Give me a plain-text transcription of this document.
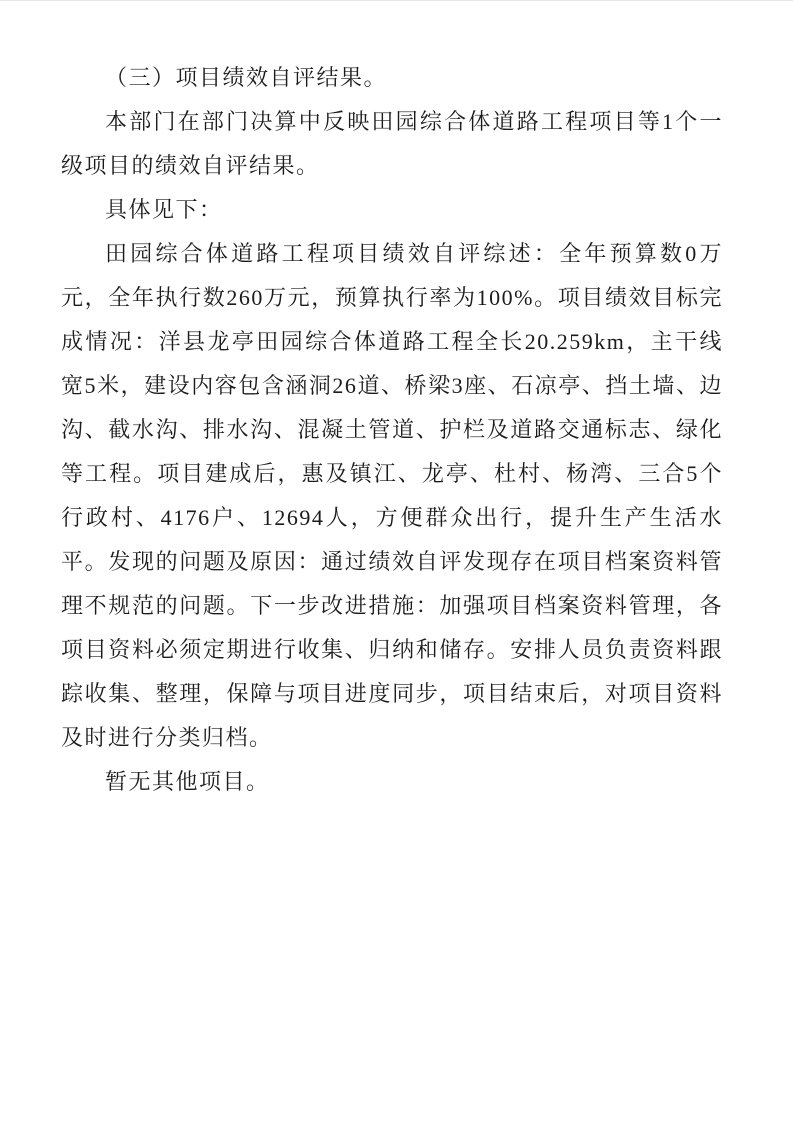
（三）项目绩效自评结果。

本部门在部门决算中反映田园综合体道路工程项目等1个一级项目的绩效自评结果。

具体见下：

田园综合体道路工程项目绩效自评综述：全年预算数0万元，全年执行数260万元，预算执行率为100%。项目绩效目标完成情况：洋县龙亭田园综合体道路工程全长20.259km，主干线宽5米，建设内容包含涵洞26道、桥梁3座、石凉亭、挡土墙、边沟、截水沟、排水沟、混凝土管道、护栏及道路交通标志、绿化等工程。项目建成后，惠及镇江、龙亭、杜村、杨湾、三合5个行政村、4176户、12694人，方便群众出行，提升生产生活水平。发现的问题及原因：通过绩效自评发现存在项目档案资料管理不规范的问题。下一步改进措施：加强项目档案资料管理，各项目资料必须定期进行收集、归纳和储存。安排人员负责资料跟踪收集、整理，保障与项目进度同步，项目结束后，对项目资料及时进行分类归档。

暂无其他项目。
